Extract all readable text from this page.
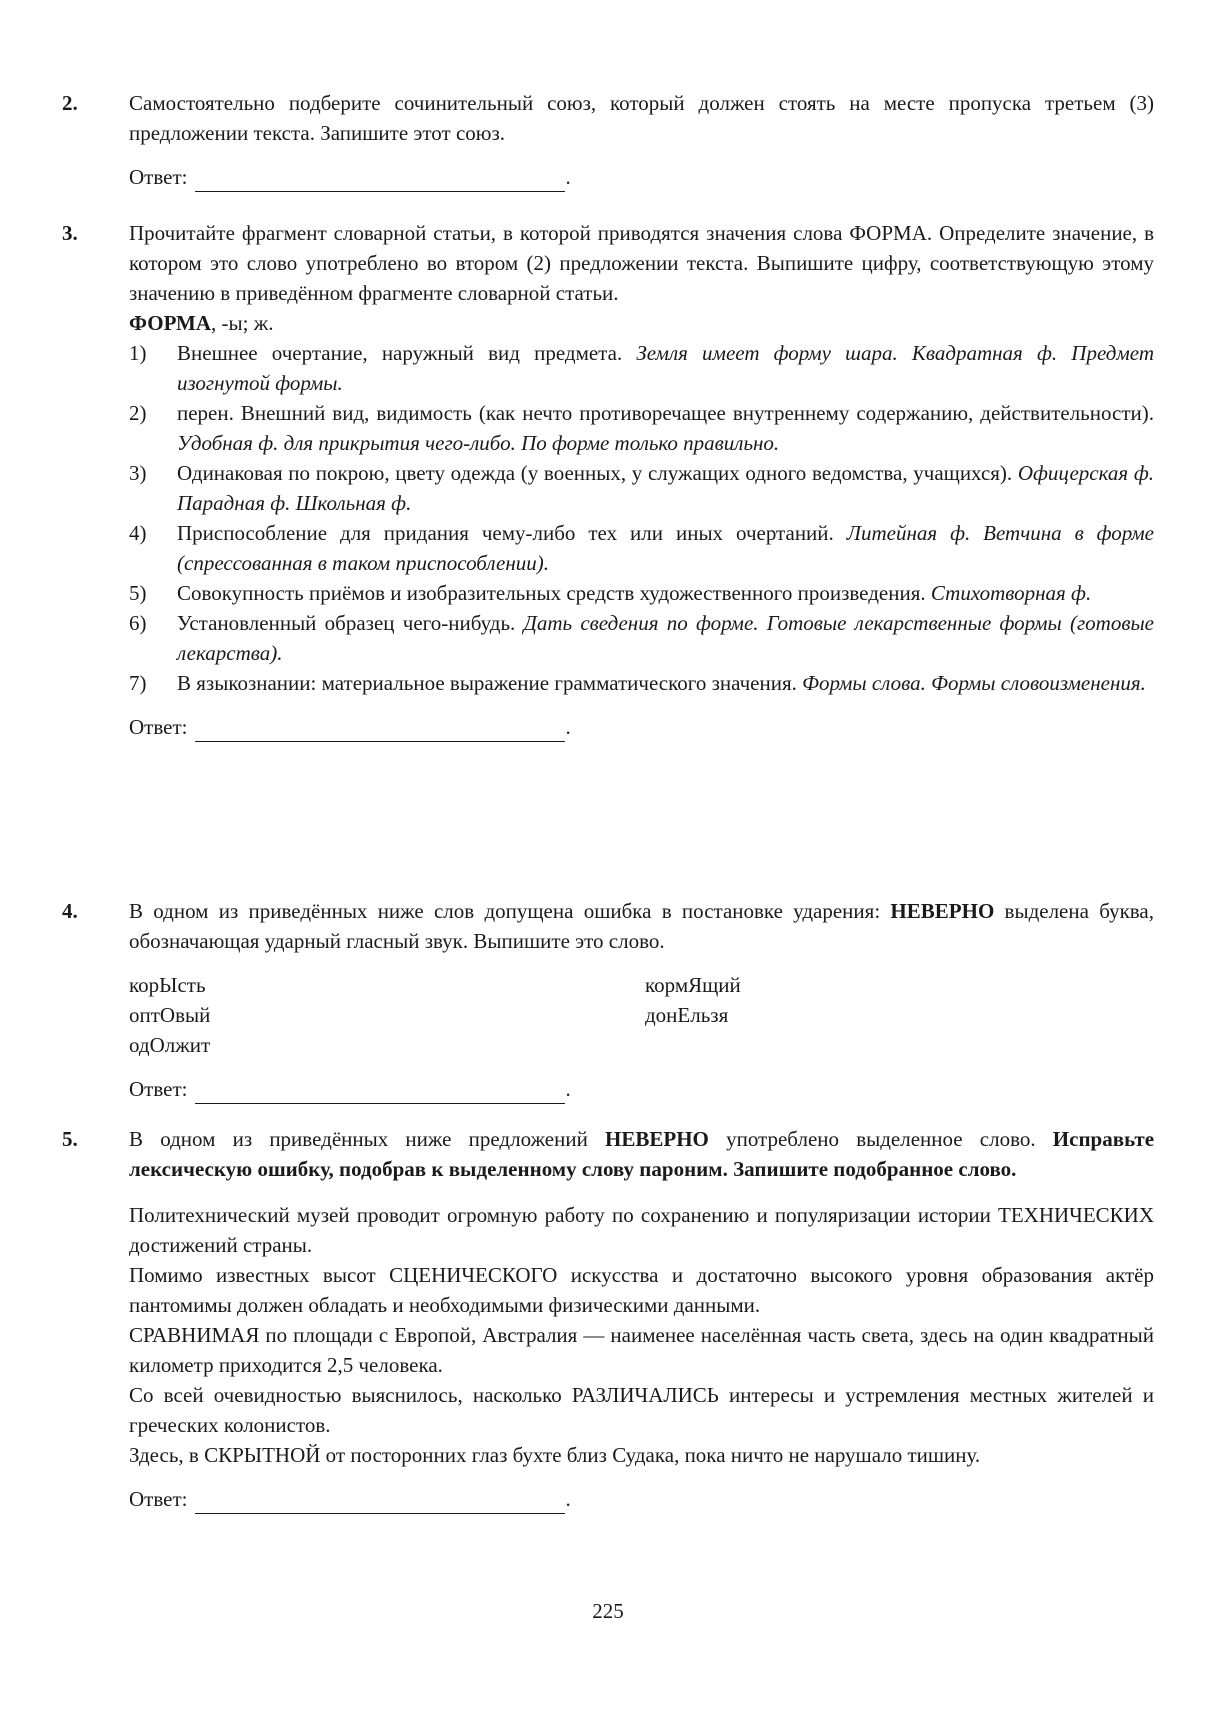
2. Самостоятельно подберите сочинительный союз, который должен стоять на месте пропуска третьем (3) предложении текста. Запишите этот союз.

Ответ:	.
3. Прочитайте фрагмент словарной статьи, в которой приводятся значения слова ФОРМА. Определите значение, в котором это слово употреблено во втором (2) предложении текста. Выпишите цифру, соответствующую этому значению в приведённом фрагменте словарной статьи.

ФОРМА, -ы; ж.

1) Внешнее очертание, наружный вид предмета. Земля имеет форму шара. Квадратная ф. Предмет изогнутой формы.
2) перен. Внешний вид, видимость (как нечто противоречащее внутреннему содержанию, действительности). Удобная ф. для прикрытия чего-либо. По форме только правильно.
3) Одинаковая по покрою, цвету одежда (у военных, у служащих одного ведомства, учащихся). Офицерская ф. Парадная ф. Школьная ф.
4) Приспособление для придания чему-либо тех или иных очертаний. Литейная ф. Ветчина в форме (спрессованная в таком приспособлении).
5) Совокупность приёмов и изобразительных средств художественного произведения. Стихотворная ф.
6) Установленный образец чего-нибудь. Дать сведения по форме. Готовые лекарственные формы (готовые лекарства).
7) В языкознании: материальное выражение грамматического значения. Формы слова. Формы словоизменения.
Ответ:	.
4. В одном из приведённых ниже слов допущена ошибка в постановке ударения: НЕВЕРНО выделена буква, обозначающая ударный гласный звук. Выпишите это слово.

корЫсть	кормЯщий
оптОвый	донЕльзя
одОлжит
Ответ:	.
5. В одном из приведённых ниже предложений НЕВЕРНО употреблено выделенное слово. Исправьте лексическую ошибку, подобрав к выделенному слову пароним. Запишите подобранное слово.

Политехнический музей проводит огромную работу по сохранению и популяризации истории ТЕХНИЧЕСКИХ достижений страны.

Помимо известных высот СЦЕНИЧЕСКОГО искусства и достаточно высокого уровня образования актёр пантомимы должен обладать и необходимыми физическими данными.

СРАВНИМАЯ по площади с Европой, Австралия — наименее населённая часть света, здесь на один квадратный километр приходится 2,5 человека.

Со всей очевидностью выяснилось, насколько РАЗЛИЧАЛИСЬ интересы и устремления местных жителей и греческих колонистов.

Здесь, в СКРЫТНОЙ от посторонних глаз бухте близ Судака, пока ничто не нарушало тишину.

Ответ:	.
225
